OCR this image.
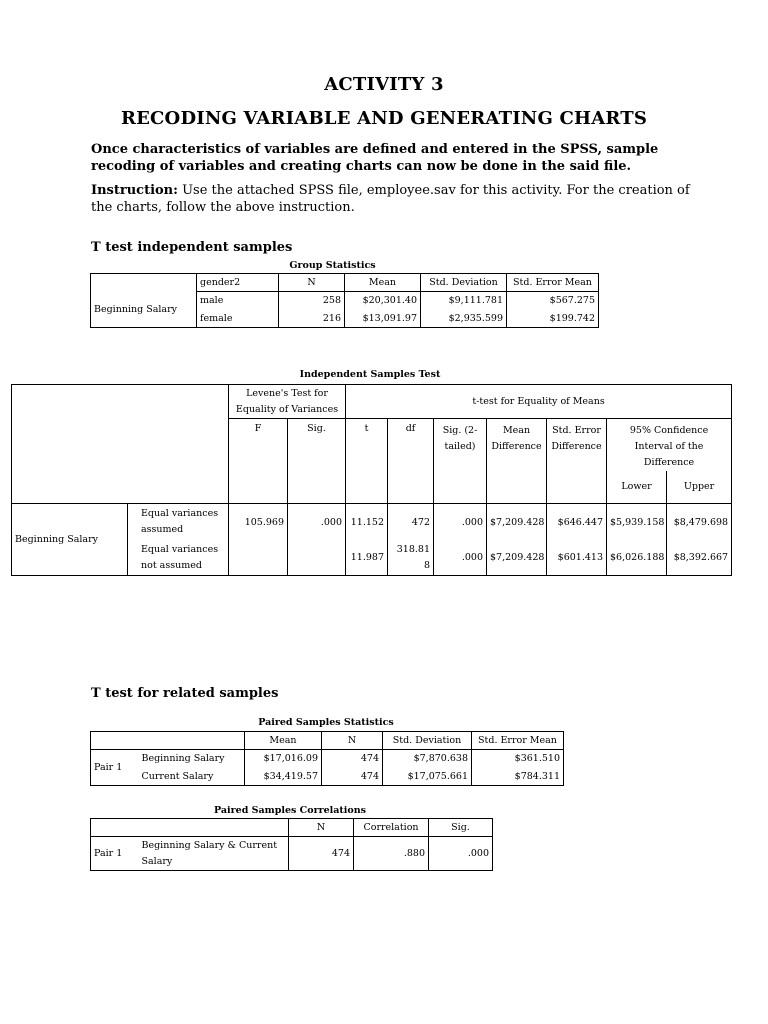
ACTIVITY 3
RECODING VARIABLE AND GENERATING CHARTS
Once characteristics of variables are defined and entered in the SPSS, sample recoding of variables and creating charts can now be done in the said file.
Instruction: Use the attached SPSS file, employee.sav for this activity. For the creation of the charts, follow the above instruction.
T test independent samples
Group Statistics
	gender2	N	Mean	Std. Deviation	Std. Error Mean
Beginning Salary	male	258	$20,301.40	$9,111.781	$567.275
	female	216	$13,091.97	$2,935.599	$199.742
Independent Samples Test
		Levene's Test for Equality of Variances		t-test for Equality of Means						
		F	Sig.	t	df	Sig. (2-tailed)	Mean Difference	Std. Error Difference	95% Confidence Interval of the Difference	
									Lower	Upper
Beginning Salary	Equal variances assumed	105.969	.000	11.152	472	.000	$7,209.428	$646.447	$5,939.158	$8,479.698
	Equal variances not assumed			11.987	318.818	.000	$7,209.428	$601.413	$6,026.188	$8,392.667
T test for related samples
Paired Samples Statistics
		Mean	N	Std. Deviation	Std. Error Mean
Pair 1	Beginning Salary	$17,016.09	474	$7,870.638	$361.510
	Current Salary	$34,419.57	474	$17,075.661	$784.311
Paired Samples Correlations
		N	Correlation	Sig.
Pair 1	Beginning Salary & Current Salary	474	.880	.000
